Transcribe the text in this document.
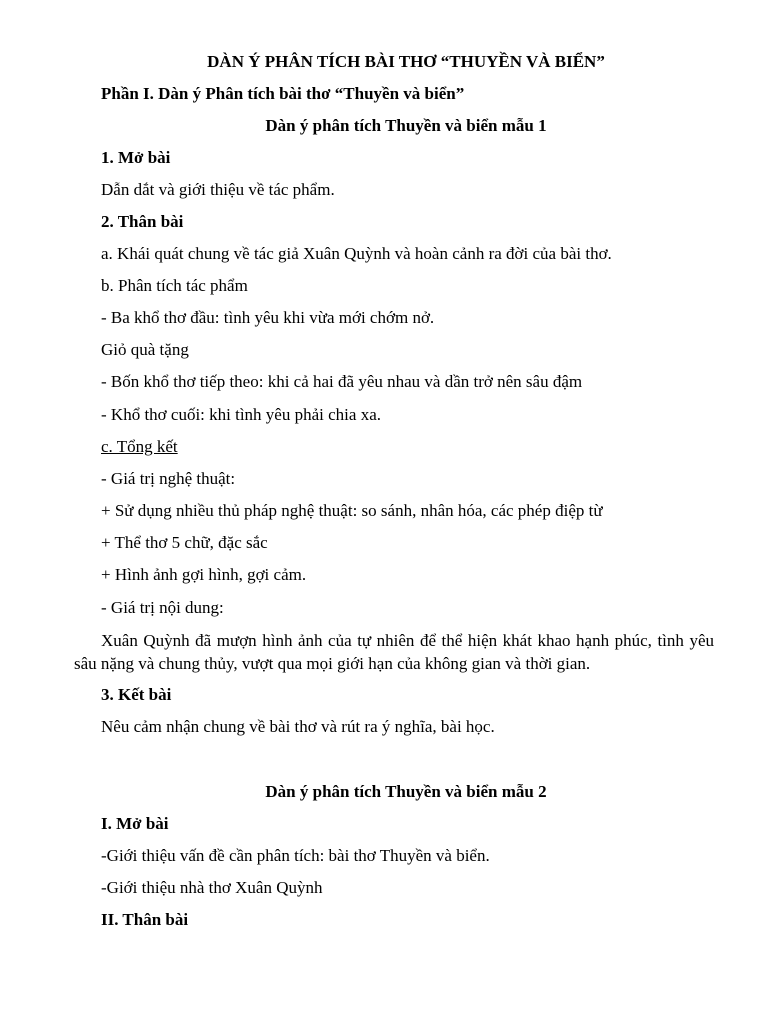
DÀN Ý PHÂN TÍCH BÀI THƠ “THUYỀN VÀ BIỂN”
Phần I. Dàn ý Phân tích bài thơ “Thuyền và biển”
Dàn ý phân tích Thuyền và biển mẫu 1
1. Mở bài
Dẫn dắt và giới thiệu về tác phẩm.
2. Thân bài
a. Khái quát chung về tác giả Xuân Quỳnh và hoàn cảnh ra đời của bài thơ.
b. Phân tích tác phẩm
- Ba khổ thơ đầu: tình yêu khi vừa mới chớm nở.
Giỏ quà tặng
- Bốn khổ thơ tiếp theo: khi cả hai đã yêu nhau và dần trở nên sâu đậm
- Khổ thơ cuối: khi tình yêu phải chia xa.
c. Tổng kết
- Giá trị nghệ thuật:
+ Sử dụng nhiều thủ pháp nghệ thuật: so sánh, nhân hóa, các phép điệp từ
+ Thể thơ 5 chữ, đặc sắc
+ Hình ảnh gợi hình, gợi cảm.
- Giá trị nội dung:
Xuân Quỳnh đã mượn hình ảnh của tự nhiên để thể hiện khát khao hạnh phúc, tình yêu sâu nặng và chung thủy, vượt qua mọi giới hạn của không gian và thời gian.
3. Kết bài
Nêu cảm nhận chung về bài thơ và rút ra ý nghĩa, bài học.
Dàn ý phân tích Thuyền và biển mẫu 2
I. Mở bài
-Giới thiệu vấn đề cần phân tích: bài thơ Thuyền và biển.
-Giới thiệu nhà thơ Xuân Quỳnh
II. Thân bài
